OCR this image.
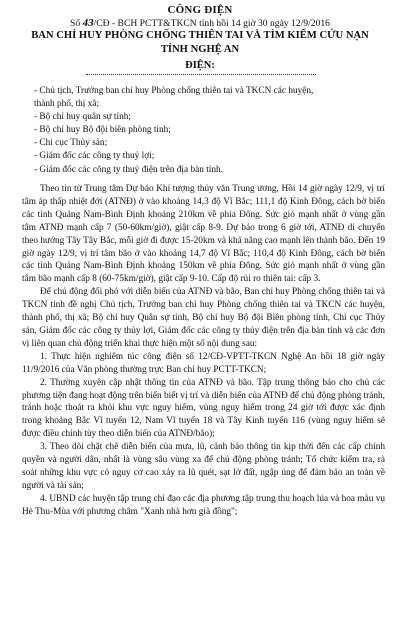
CÔNG ĐIỆN
Số 43/CĐ - BCH PCTT&TKCN tỉnh hồi 14 giờ 30 ngày 12/9/2016
BAN CHỈ HUY PHÒNG CHỐNG THIÊN TAI VÀ TÌM KIẾM CỨU NẠN
TỈNH NGHỆ AN
ĐIỆN:
- Chủ tịch, Trưởng ban chỉ huy Phòng chống thiên tai và TKCN các huyện,
thành phố, thị xã;
- Bộ chỉ huy quân sự tỉnh;
- Bộ chỉ huy Bộ đội biên phòng tỉnh;
- Chi cục Thủy sản;
- Giám đốc các công ty thuỷ lợi;
- Giám đốc các công ty thuỷ điện trên địa bàn tỉnh.

Theo tin từ Trung tâm Dự báo Khí tượng thủy văn Trung ương, Hồi 14 giờ ngày 12/9, vị trí tâm áp thấp nhiệt đới (ATNĐ) ở vào khoảng 14,3 độ Vĩ Bắc; 111,1 độ Kinh Đông, cách bờ biển các tỉnh Quảng Nam-Bình Định khoảng 210km về phía Đông. Sức gió mạnh nhất ở vùng gần tâm ATNĐ mạnh cấp 7 (50-60km/giờ), giật cấp 8-9. Dự báo trong 6 giờ tới, ATNĐ di chuyển theo hướng Tây Tây Bắc, mỗi giờ đi được 15-20km và khả năng cao mạnh lên thành bão. Đến 19 giờ ngày 12/9, vị trí tâm bão ở vào khoảng 14,7 độ Vĩ Bắc; 110,4 độ Kinh Đông, cách bờ biển các tỉnh Quảng Nam-Bình Định khoảng 150km về phía Đông. Sức gió mạnh nhất ở vùng gần tâm bão mạnh cấp 8 (60-75km/giờ), giật cấp 9-10. Cấp độ rủi ro thiên tai: cấp 3.

Để chủ động đối phó với diễn biến của ATNĐ và bão, Ban chỉ huy Phòng chống thiên tai và TKCN tỉnh đề nghị Chủ tịch, Trưởng ban chỉ huy Phòng chống thiên tai và TKCN các huyện, thành phố, thị xã; Bộ chỉ huy Quân sự tỉnh, Bộ chỉ huy Bộ đội Biên phòng tỉnh, Chi cục Thủy sản, Giám đốc các công ty thủy lợi, Giám đốc các công ty thủy điện trên địa bàn tỉnh và các đơn vị liên quan chủ động triển khai thực hiện một số nội dung sau:

1. Thực hiện nghiêm túc công điện số 12/CĐ-VPTT-TKCN Nghệ An hồi 18 giờ ngày 11/9/2016 của Văn phòng thường trực Ban chỉ huy PCTT-TKCN;

2. Thường xuyên cập nhật thông tin của ATNĐ và bão. Tập trung thông báo cho chủ các phương tiện đang hoạt động trên biển biết vị trí và diễn biến của ATNĐ để chủ động phòng tránh, tránh hoặc thoát ra khỏi khu vực nguy hiểm, vùng nguy hiểm trong 24 giờ tới được xác định trong khoảng Bắc Vĩ tuyến 12, Nam Vĩ tuyến 18 và Tây Kinh tuyến 116 (vùng nguy hiểm sẽ được điều chỉnh tùy theo diễn biến của ATNĐ/bão);

3. Theo dõi chặt chẽ diễn biến của mưa, lũ, cảnh báo thông tin kịp thời đến các cấp chính quyền và người dân, nhất là vùng sâu vùng xa để chủ động phòng tránh; Tổ chức kiểm tra, rà soát những khu vực có nguy cơ cao xảy ra lũ quét, sạt lở đất, ngập úng để đảm bảo an toàn về người và tài sản;

4. UBND các huyện tập trung chỉ đạo các địa phương tập trung thu hoạch lúa và hoa màu vụ Hè Thu-Mùa với phương châm "Xanh nhà hơn già đồng";
